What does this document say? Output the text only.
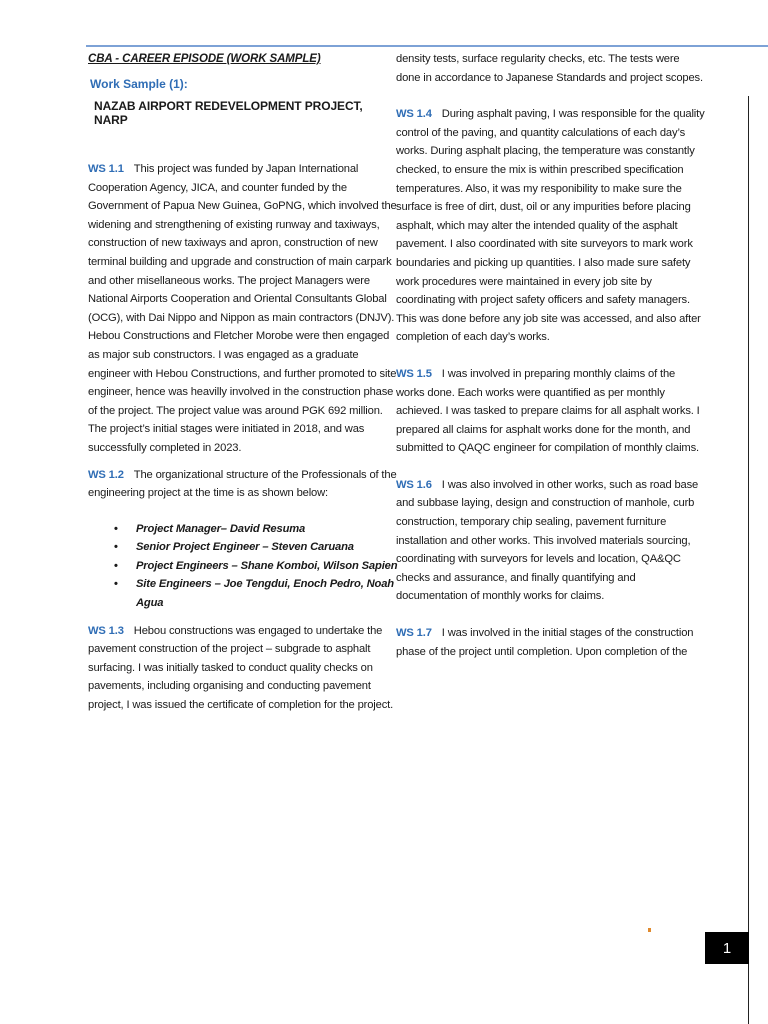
CBA - CAREER EPISODE (WORK SAMPLE)
Work Sample (1):
NAZAB AIRPORT REDEVELOPMENT PROJECT, NARP

WS 1.1 This project was funded by Japan International Cooperation Agency, JICA, and counter funded by the Government of Papua New Guinea, GoPNG, which involved the widening and strengthening of existing runway and taxiways, construction of new taxiways and apron, construction of new terminal building and upgrade and construction of main carpark and other misellaneous works. The project Managers were National Airports Cooperation and Oriental Consultants Global (OCG), with Dai Nippo and Nippon as main contractors (DNJV). Hebou Constructions and Fletcher Morobe were then engaged as major sub constructors. I was engaged as a graduate engineer with Hebou Constructions, and further promoted to site engineer, hence was heavilly involved in the construction phase of the project. The project value was around PGK 692 million. The project’s initial stages were initiated in 2018, and was successfully completed in 2023.

WS 1.2 The organizational structure of the Professionals of the engineering project at the time is as shown below:

• Project Manager– David Resuma
• Senior Project Engineer – Steven Caruana
• Project Engineers – Shane Komboi, Wilson Sapien
• Site Engineers – Joe Tengdui, Enoch Pedro, Noah Agua

WS 1.3 Hebou constructions was engaged to undertake the pavement construction of the project – subgrade to asphalt surfacing. I was initially tasked to conduct quality checks on pavements, including organising and conducting pavement project, I was issued the certificate of completion for the project.

density tests, surface regularity checks, etc. The tests were done in accordance to Japanese Standards and project scopes.

WS 1.4 During asphalt paving, I was responsible for the quality control of the paving, and quantity calculations of each day’s works. During asphalt placing, the temperature was constantly checked, to ensure the mix is within prescribed specification temperatures. Also, it was my responibility to make sure the surface is free of dirt, dust, oil or any impurities before placing asphalt, which may alter the intended quality of the asphalt pavement. I also coordinated with site surveyors to mark work boundaries and picking up quantities. I also made sure safety work procedures were maintained in every job site by coordinating with project safety officers and safety managers. This was done before any job site was accessed, and also after completion of each day’s works.

WS 1.5 I was involved in preparing monthly claims of the works done. Each works were quantified as per monthly achieved. I was tasked to prepare claims for all asphalt works. I prepared all claims for asphalt works done for the month, and submitted to QAQC engineer for compilation of monthly claims.

WS 1.6 I was also involved in other works, such as road base and subbase laying, design and construction of manhole, curb construction, temporary chip sealing, pavement furniture installation and other works. This involved materials sourcing, coordinating with surveyors for levels and location, QA&QC checks and assurance, and finally quantifying and documentation of monthly works for claims.

WS 1.7 I was involved in the initial stages of the construction phase of the project until completion. Upon completion of the

1
